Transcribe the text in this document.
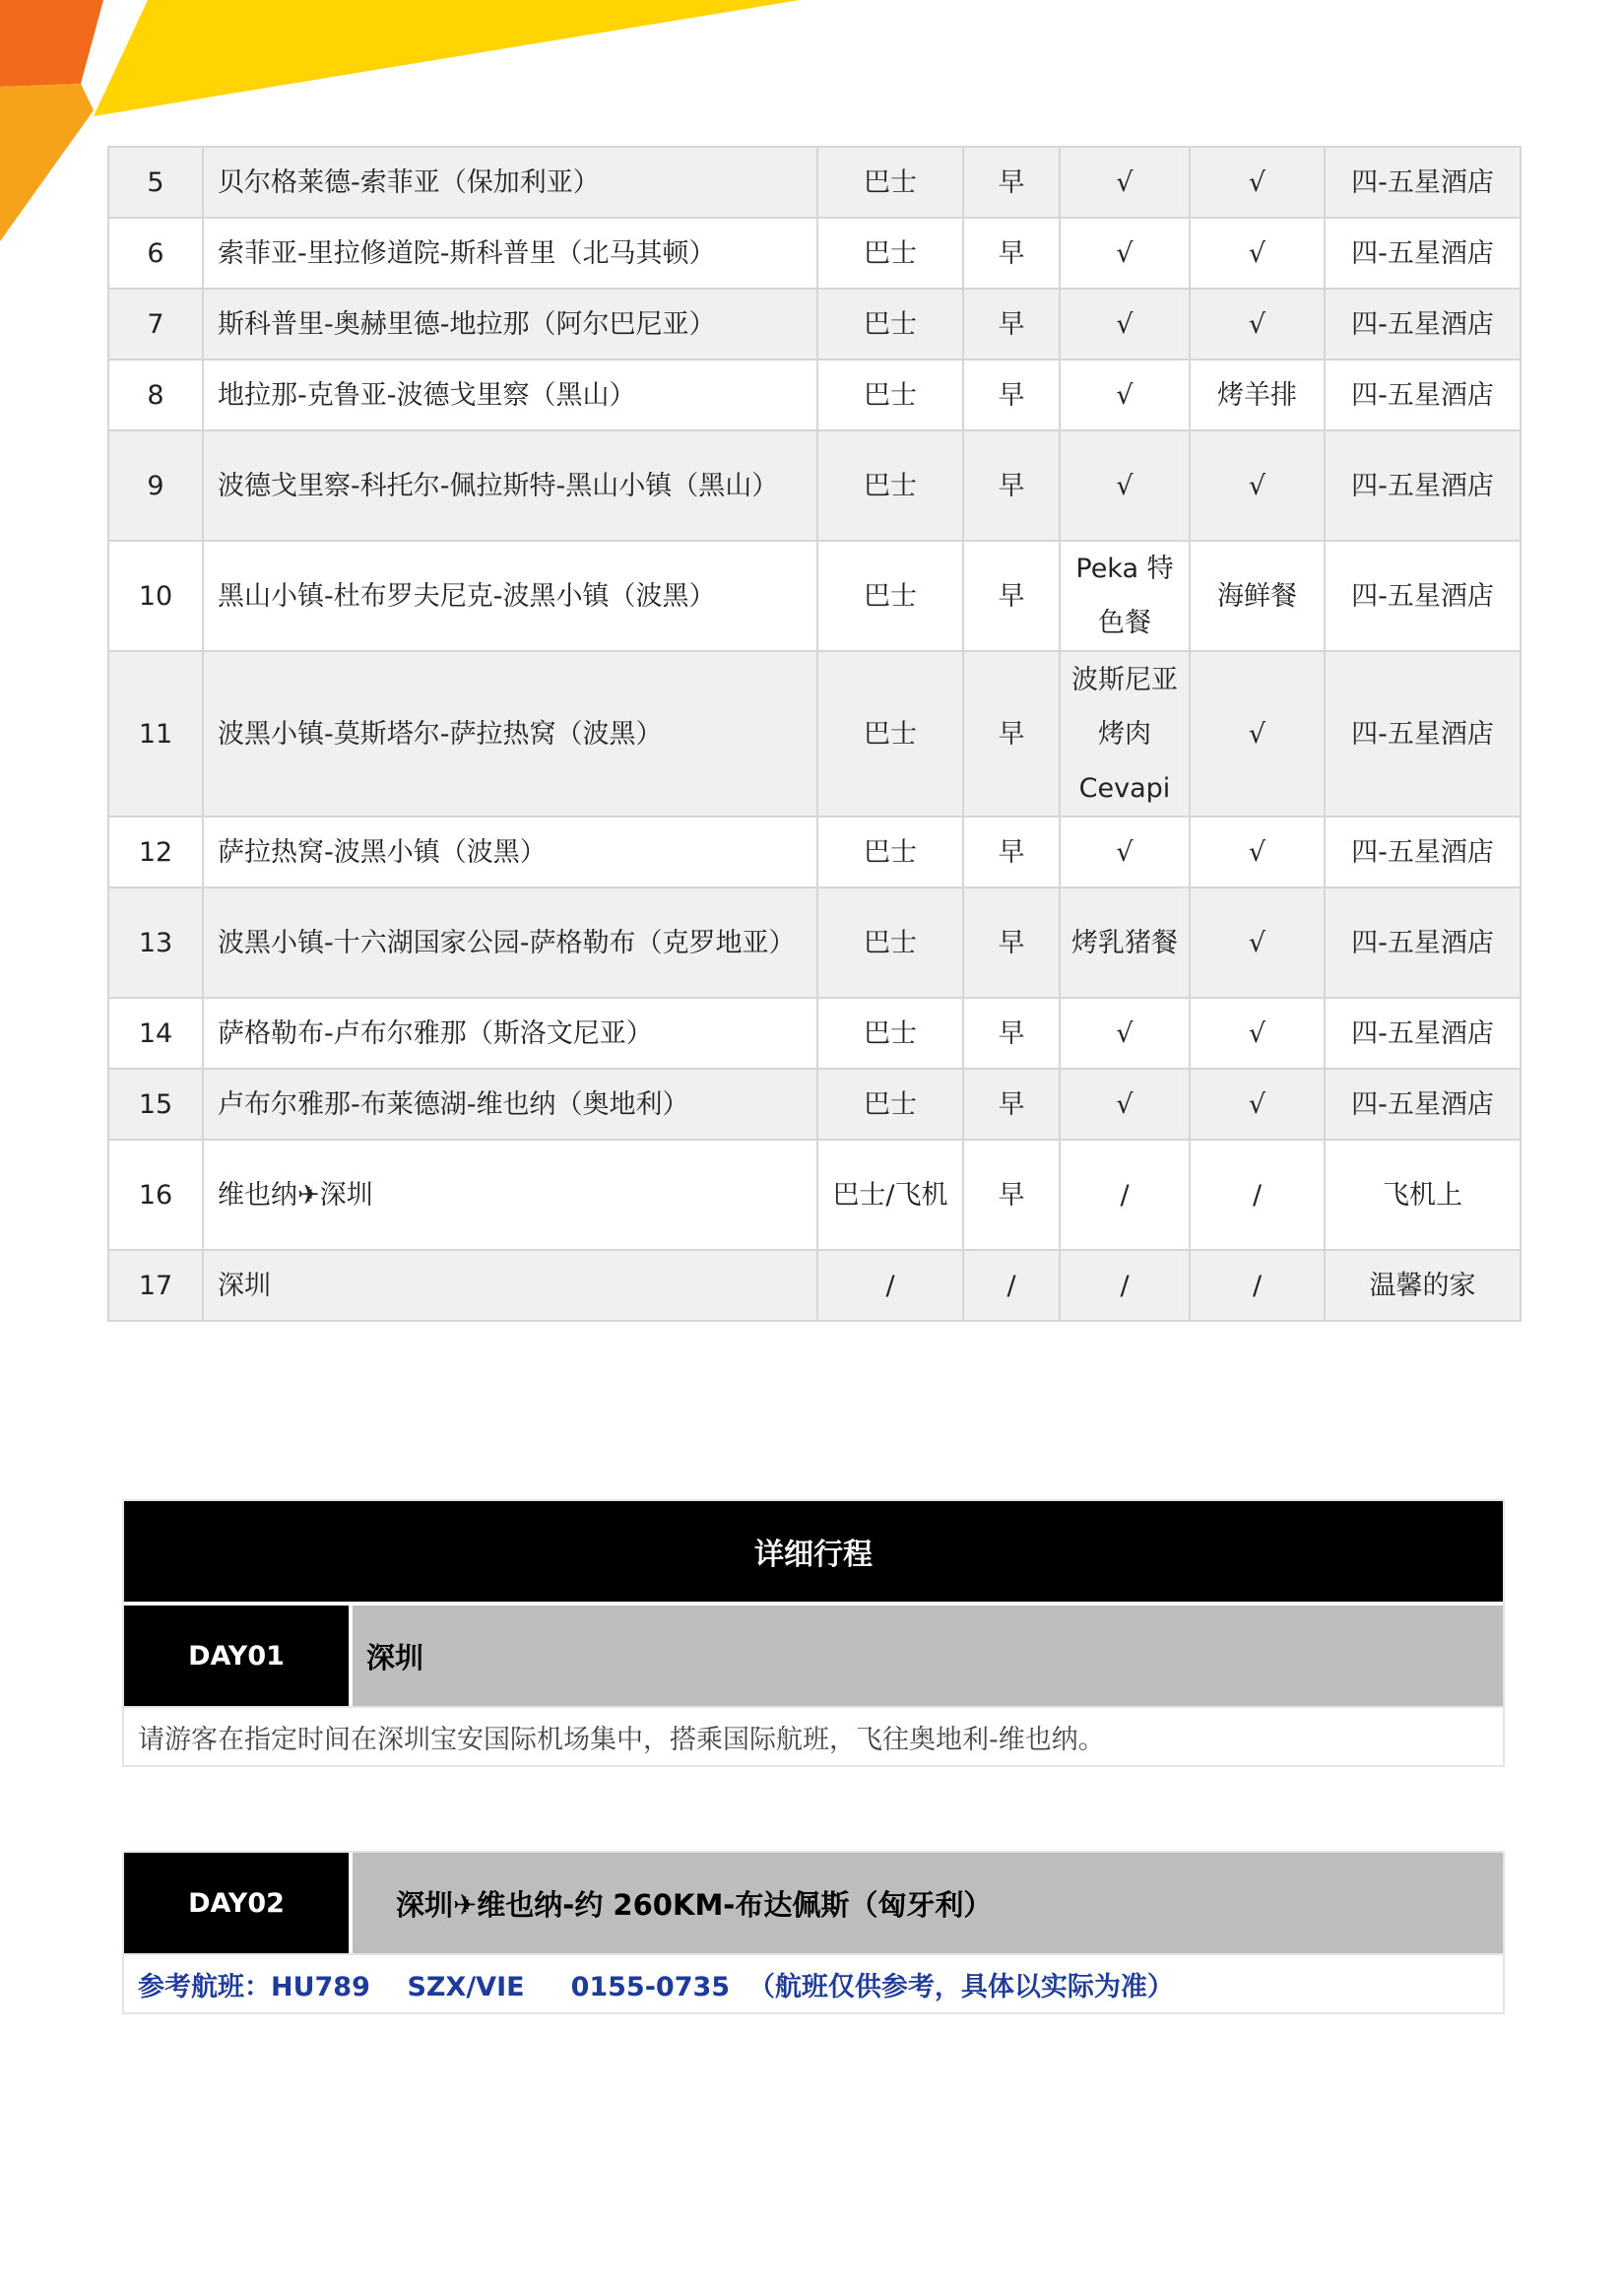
5	贝尔格莱德-索菲亚（保加利亚）	巴士	早	√	√	四-五星酒店
6	索菲亚-里拉修道院-斯科普里（北马其顿）	巴士	早	√	√	四-五星酒店
7	斯科普里-奥赫里德-地拉那（阿尔巴尼亚）	巴士	早	√	√	四-五星酒店
8	地拉那-克鲁亚-波德戈里察（黑山）	巴士	早	√	烤羊排	四-五星酒店
9	波德戈里察-科托尔-佩拉斯特-黑山小镇（黑山）	巴士	早	√	√	四-五星酒店
10	黑山小镇-杜布罗夫尼克-波黑小镇（波黑）	巴士	早	Peka 特色餐	海鲜餐	四-五星酒店
11	波黑小镇-莫斯塔尔-萨拉热窝（波黑）	巴士	早	波斯尼亚烤肉 Cevapi	√	四-五星酒店
12	萨拉热窝-波黑小镇（波黑）	巴士	早	√	√	四-五星酒店
13	波黑小镇-十六湖国家公园-萨格勒布（克罗地亚）	巴士	早	烤乳猪餐	√	四-五星酒店
14	萨格勒布-卢布尔雅那（斯洛文尼亚）	巴士	早	√	√	四-五星酒店
15	卢布尔雅那-布莱德湖-维也纳（奥地利）	巴士	早	√	√	四-五星酒店
16	维也纳✈深圳	巴士/飞机	早	/	/	飞机上
17	深圳	/	/	/	/	温馨的家
详细行程
DAY01	深圳
请游客在指定时间在深圳宝安国际机场集中，搭乘国际航班，飞往奥地利-维也纳。
DAY02	深圳✈维也纳-约 260KM-布达佩斯（匈牙利）
参考航班：HU789    SZX/VIE     0155-0735  （航班仅供参考，具体以实际为准）
